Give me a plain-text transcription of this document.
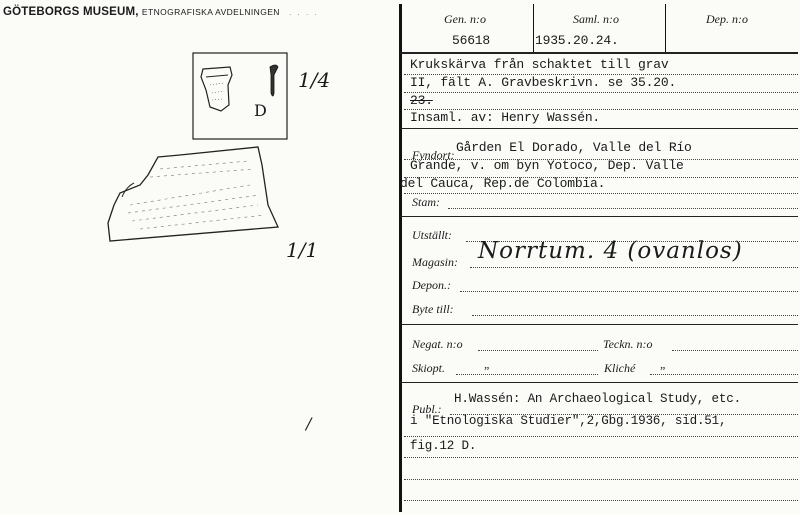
GÖTEBORGS MUSEUM, ETNOGRAFISKA AVDELNINGEN . . . .
D
1/4
1/1
/
Gen. n:o
56618
Saml. n:o
1935.20.24.
Dep. n:o
Krukskärva från schaktet till grav
II, fält A. Gravbeskrivn. se 35.20.
23.
Insaml. av: Henry Wassén.
Fyndort: Gården El Dorado, Valle del Río
Grande, v. om byn Yotoco, Dep. Valle
del Cauca, Rep.de Colombia.
Stam:
Utställt:
Magasin: Norrtum. 4 (ovanlos)
Depon.:
Byte till:
Negat. n:o	Teckn. n:o
Skiopt.	„	Kliché „
Publ.:
H.Wassén: An Archaeological Study, etc.
i "Etnologiska Studier",2,Gbg.1936, sid.51,
fig.12 D.
